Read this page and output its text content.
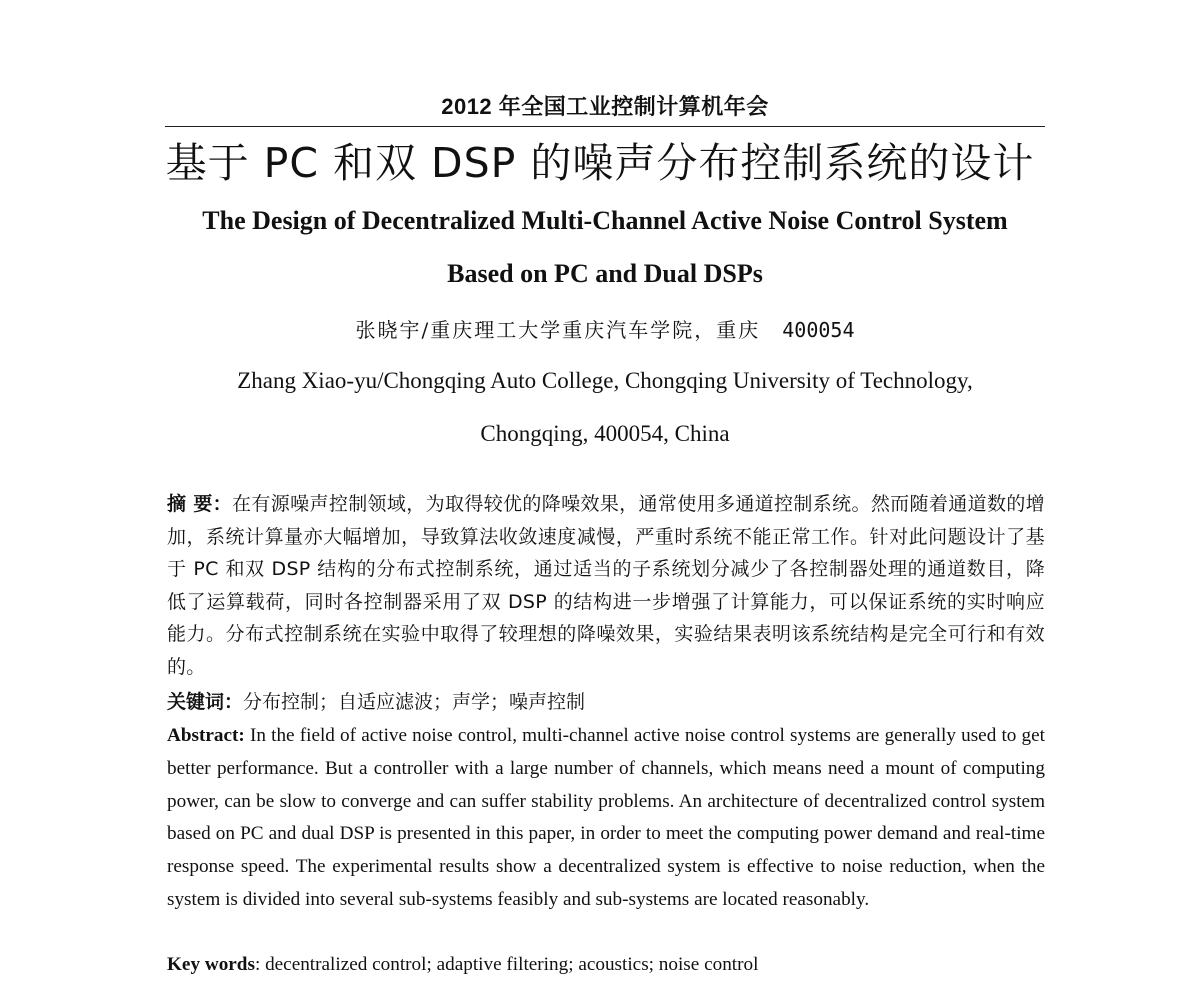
2012 年全国工业控制计算机年会
基于 PC 和双 DSP 的噪声分布控制系统的设计
The Design of Decentralized Multi-Channel Active Noise Control System
Based on PC and Dual DSPs
张晓宇/重庆理工大学重庆汽车学院，重庆 400054
Zhang Xiao-yu/Chongqing Auto College, Chongqing University of Technology,
Chongqing, 400054, China
摘 要：在有源噪声控制领域，为取得较优的降噪效果，通常使用多通道控制系统。然而随着通道数的增加，系统计算量亦大幅增加，导致算法收敛速度减慢，严重时系统不能正常工作。针对此问题设计了基于 PC 和双 DSP 结构的分布式控制系统，通过适当的子系统划分减少了各控制器处理的通道数目，降低了运算载荷，同时各控制器采用了双 DSP 的结构进一步增强了计算能力，可以保证系统的实时响应能力。分布式控制系统在实验中取得了较理想的降噪效果，实验结果表明该系统结构是完全可行和有效的。
关键词：分布控制；自适应滤波；声学；噪声控制
Abstract: In the field of active noise control, multi-channel active noise control systems are generally used to get better performance. But a controller with a large number of channels, which means need a mount of computing power, can be slow to converge and can suffer stability problems. An architecture of decentralized control system based on PC and dual DSP is presented in this paper, in order to meet the computing power demand and real-time response speed. The experimental results show a decentralized system is effective to noise reduction, when the system is divided into several sub-systems feasibly and sub-systems are located reasonably.
Key words: decentralized control; adaptive filtering; acoustics; noise control
